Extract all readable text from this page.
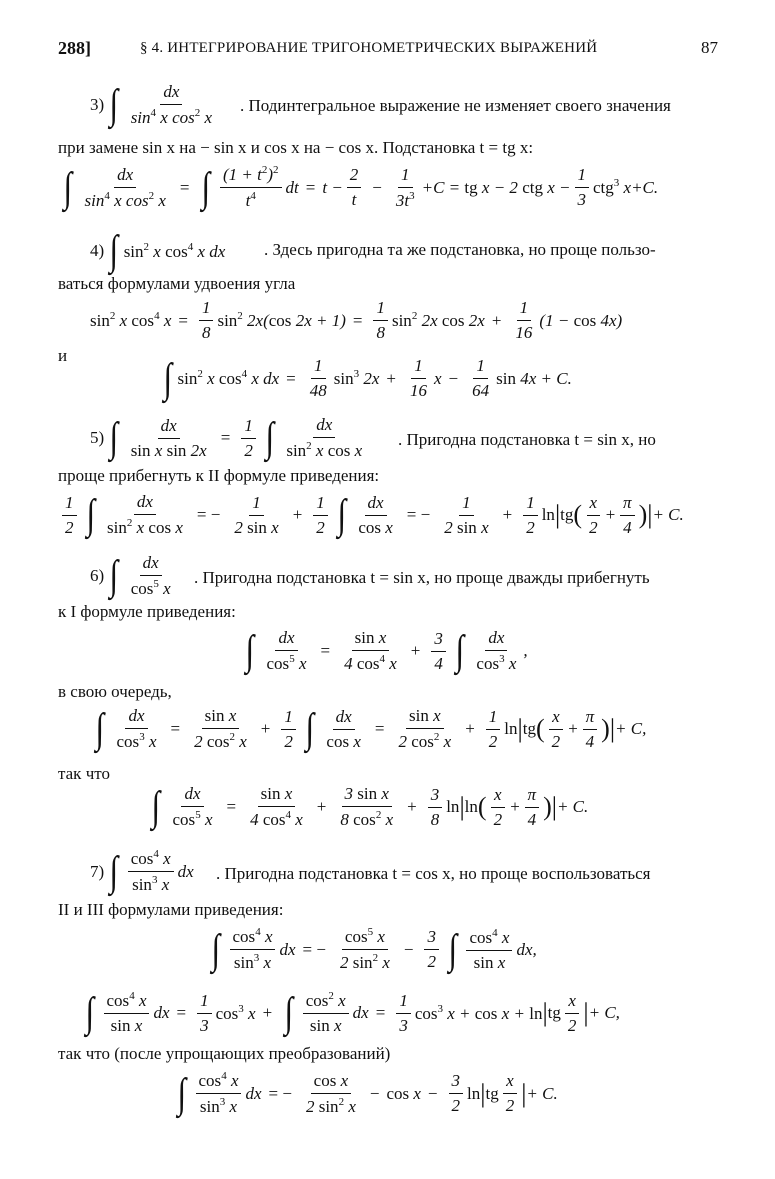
288]	§ 4. ИНТЕГРИРОВАНИЕ ТРИГОНОМЕТРИЧЕСКИХ ВЫРАЖЕНИЙ	87
3) ∫ $\frac{dx}{\sin^4 x \cos^2 x}$ . Подинтегральное выражение не изменяет своего значения
при замене sin x на − sin x и cos x на − cos x. Подстановка t = tg x:
∫ $\frac{dx}{\sin^4 x \cos^2 x}$ = ∫ $\frac{(1 + t^2)^2}{t^4}$ dt = $t - \frac{2}{t} - \frac{1}{3t^3} +C$ = tg x − 2 ctg $x - \frac{1}{3} ctg^3$ x+C.
4) ∫ $\sin^2 x$ $\cos^4 x$ dx . Здесь пригодна та же подстановка, но проще пользо-
ваться формулами удвоения угла
$\sin^2 x$ $\cos^4 x = \frac{1}{8} \sin^2 2x(\cos$ $2x + 1) = \frac{1}{8} \sin^2 2x$ $\cos 2x + \frac{1}{16} (1 - \cos 4x)$
и ∫ $\sin^2 x$ $\cos^4 x$ dx = $\frac{1}{48} \sin^3 2x + \frac{1}{16}$ $x - \frac{1}{64}$ sin 4x + C.
5) ∫ $\frac{dx}{\text{sin x sin 2x}} = \frac{1}{2}$ ∫ $\frac{dx}{\sin^2 x \cos x}$ . Пригодна подстановка t = sin x, но
проще прибегнуть к II формуле приведения:
$\frac{1}{2}$ ∫ $\frac{dx}{\sin^2 x \cos x}$ = − $\frac{1}{\text{2 sin x}} + \frac{1}{2}$ ∫ $\frac{dx}{\text{cos x}}$ = − $\frac{1}{\text{2 sin x}} + \frac{1}{2}$ ln | tg ( $\frac{x}{2} + \frac{\pi}{4}$ )| + C.
6) ∫ $\frac{dx}{\cos^5 x}$ . Пригодна подстановка t = sin x, но проще дважды прибегнуть
к I формуле приведения:
∫ $\frac{dx}{\cos^5 x} = \frac{\text{sin x}}{4 \cos^4 x} + \frac{3}{4}$ ∫ $\frac{dx}{\cos^3 x}$ ,
в свою очередь,
∫ $\frac{dx}{\cos^3 x} = \frac{\text{sin x}}{2 \cos^2 x} + \frac{1}{2}$ ∫ $\frac{dx}{\text{cos x}} = \frac{\text{sin x}}{2 \cos^2 x} + \frac{1}{2}$ ln | tg ( $\frac{x}{2} + \frac{\pi}{4}$ )| + C,
так что
∫ $\frac{dx}{\cos^5 x} = \frac{\text{sin x}}{4 \cos^4 x} + \frac{\text{3 sin x}}{8 \cos^2 x} + \frac{3}{8}$ ln | ln ( $\frac{x}{2} + \frac{\pi}{4}$ )| + C.
7) ∫ $\frac{\cos^4 x}{\sin^3 x}$ dx . Пригодна подстановка t = cos x, но проще воспользоваться
II и III формулами приведения:
∫ $\frac{\cos^4 x}{\sin^3 x}$ dx = − $\frac{\cos^5 x}{2 \sin^2 x} - \frac{3}{2}$ ∫ $\frac{\cos^4 x}{\text{sin x}}$ dx,
∫ $\frac{\cos^4 x}{\text{sin x}}$ dx = $\frac{1}{3} \cos^3 x$ + ∫ $\frac{\cos^2 x}{\text{sin x}}$ dx = $\frac{1}{3} \cos^3 x + \cos x + \ln$ | tg $\frac{x}{2}$ | + C,
так что (после упрощающих преобразований)
∫ $\frac{\cos^4 x}{\sin^3 x}$ dx = − $\frac{\text{cos x}}{2 \sin^2 x} - \cos x - \frac{3}{2}$ ln | tg $\frac{x}{2}$ | + C.
